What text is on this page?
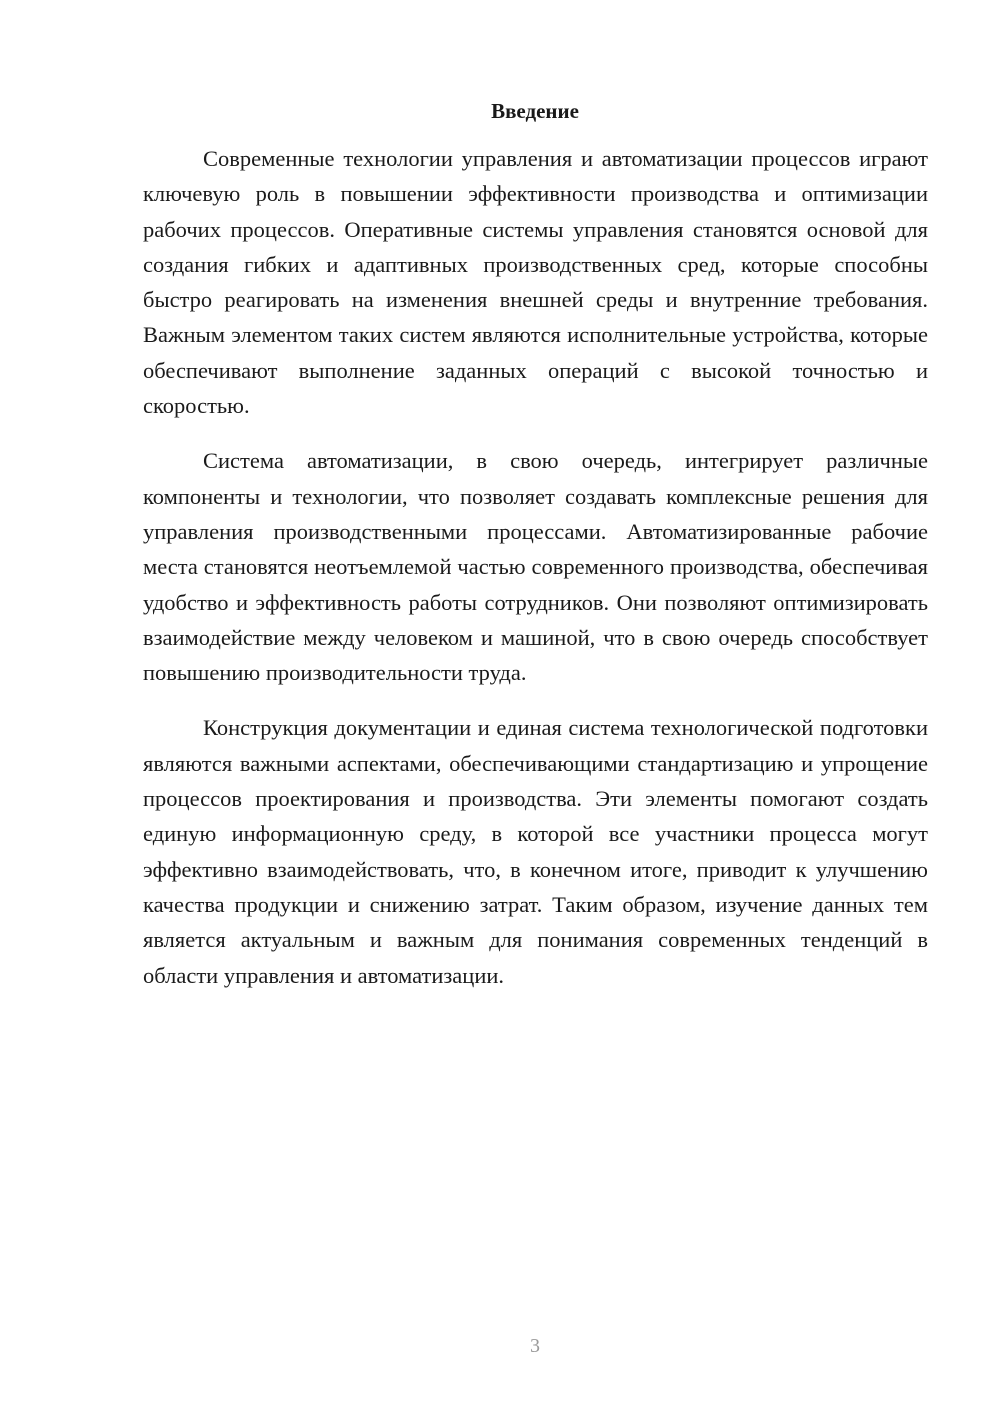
Введение

Современные технологии управления и автоматизации процессов играют ключевую роль в повышении эффективности производства и оптимизации рабочих процессов. Оперативные системы управления становятся основой для создания гибких и адаптивных производственных сред, которые способны быстро реагировать на изменения внешней среды и внутренние требования. Важным элементом таких систем являются исполнительные устройства, которые обеспечивают выполнение заданных операций с высокой точностью и скоростью.

Система автоматизации, в свою очередь, интегрирует различные компоненты и технологии, что позволяет создавать комплексные решения для управления производственными процессами. Автоматизированные рабочие места становятся неотъемлемой частью современного производства, обеспечивая удобство и эффективность работы сотрудников. Они позволяют оптимизировать взаимодействие между человеком и машиной, что в свою очередь способствует повышению производительности труда.

Конструкция документации и единая система технологической подготовки являются важными аспектами, обеспечивающими стандартизацию и упрощение процессов проектирования и производства. Эти элементы помогают создать единую информационную среду, в которой все участники процесса могут эффективно взаимодействовать, что, в конечном итоге, приводит к улучшению качества продукции и снижению затрат. Таким образом, изучение данных тем является актуальным и важным для понимания современных тенденций в области управления и автоматизации.

3
